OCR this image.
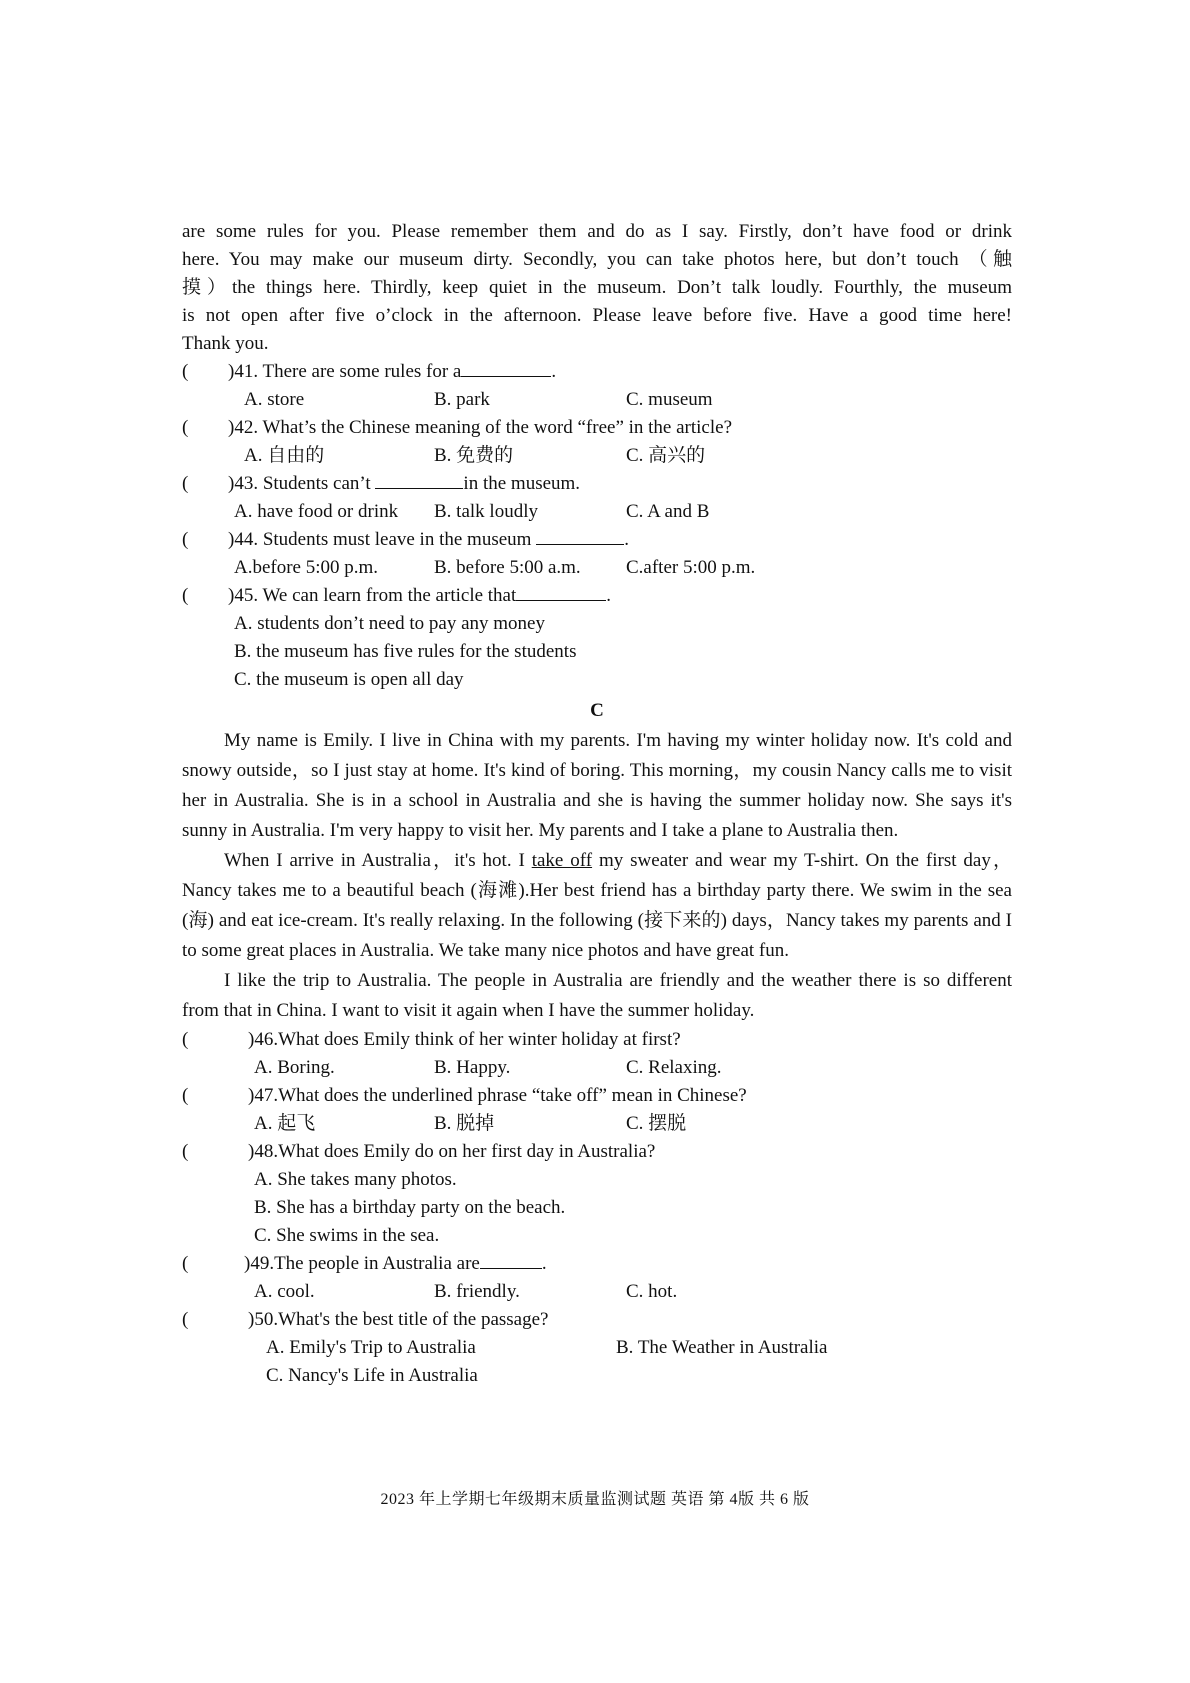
are some rules for you. Please remember them and do as I say. Firstly, don’t have food or drink
here. You may make our museum dirty. Secondly, you can take photos here, but don’t touch （触
摸）the things here. Thirdly, keep quiet in the museum. Don’t talk loudly. Fourthly, the museum
is not open after five o’clock in the afternoon. Please leave before five. Have a good time here!
Thank you.
( )41. There are some rules for a	.
A. store	B. park	C. museum
( )42. What’s the Chinese meaning of the word “free” in the article?
A. 自由的	B. 免费的	C. 高兴的
( )43. Students can’t	in the museum.
A. have food or drink B. talk loudly	C. A and B
( )44. Students must leave in the museum	.
A.before 5:00 p.m.	B. before 5:00 a.m. C.after 5:00 p.m.
( )45. We can learn from the article that	.
A. students don’t need to pay any money
B. the museum has five rules for the students
C. the museum is open all day
C
My name is Emily. I live in China with my parents. I'm having my winter holiday now. It's cold and snowy outside，so I just stay at home. It's kind of boring. This morning，my cousin Nancy calls me to visit her in Australia. She is in a school in Australia and she is having the summer holiday now. She says it's sunny in Australia. I'm very happy to visit her. My parents and I take a plane to Australia then.
When I arrive in Australia，it's hot. I take off my sweater and wear my T-shirt. On the first day，Nancy takes me to a beautiful beach (海滩).Her best friend has a birthday party there. We swim in the sea (海) and eat ice-cream. It's really relaxing. In the following (接下来的) days，Nancy takes my parents and I to some great places in Australia. We take many nice photos and have great fun.
I like the trip to Australia. The people in Australia are friendly and the weather there is so different from that in China. I want to visit it again when I have the summer holiday.
(	)46.What does Emily think of her winter holiday at first?
A. Boring.	B. Happy.	C. Relaxing.
(	)47.What does the underlined phrase “take off” mean in Chinese?
A. 起飞	B. 脱掉	C. 摆脱
(	)48.What does Emily do on her first day in Australia?
A. She takes many photos.
B. She has a birthday party on the beach.
C. She swims in the sea.
(	)49.The people in Australia are	.
A. cool.	B. friendly.	C. hot.
(	)50.What's the best title of the passage?
A. Emily's Trip to Australia	B. The Weather in Australia
C. Nancy's Life in Australia
2023 年上学期七年级期末质量监测试题 英语 第 4版 共 6 版
